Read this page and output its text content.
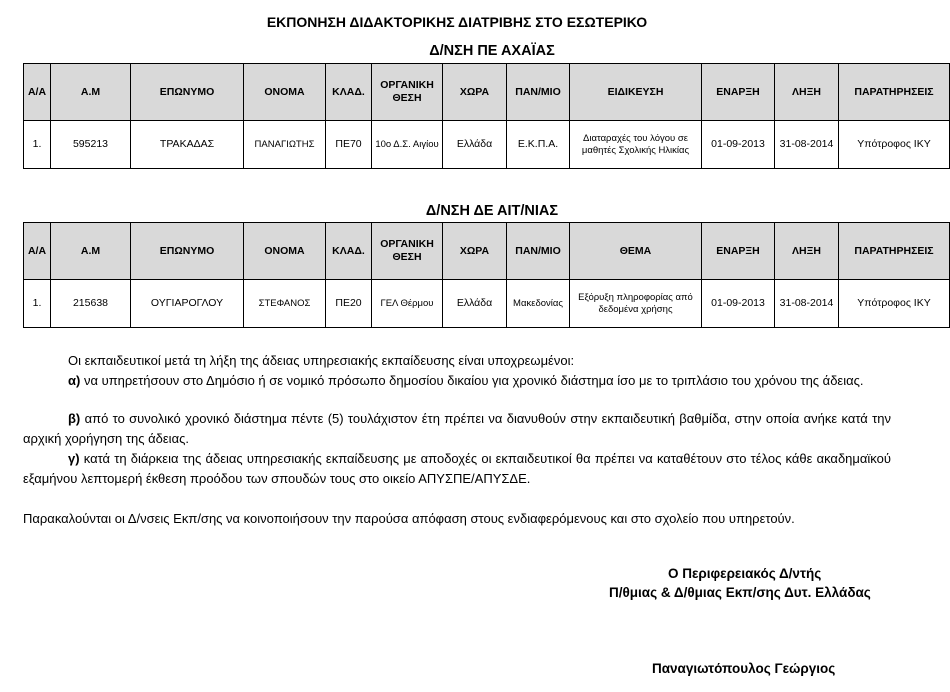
ΕΚΠΟΝΗΣΗ ΔΙΔΑΚΤΟΡΙΚΗΣ ΔΙΑΤΡΙΒΗΣ ΣΤΟ ΕΣΩΤΕΡΙΚΟ
Δ/ΝΣΗ ΠΕ ΑΧΑΪΑΣ
Α/Α	Α.Μ	ΕΠΩΝΥΜΟ	ΟΝΟΜΑ	ΚΛΑΔ.	ΟΡΓΑΝΙΚΗ ΘΕΣΗ	ΧΩΡΑ	ΠΑΝ/ΜΙΟ	ΕΙΔΙΚΕΥΣΗ	ΕΝΑΡΞΗ	ΛΗΞΗ	ΠΑΡΑΤΗΡΗΣΕΙΣ
1.	595213	ΤΡΑΚΑΔΑΣ	ΠΑΝΑΓΙΩΤΗΣ	ΠΕ70	10ο Δ.Σ. Αιγίου	Ελλάδα	Ε.Κ.Π.Α.	Διαταραχές του λόγου σε μαθητές Σχολικής Ηλικίας	01-09-2013	31-08-2014	Υπότροφος ΙΚΥ
Δ/ΝΣΗ ΔΕ ΑΙΤ/ΝΙΑΣ
Α/Α	Α.Μ	ΕΠΩΝΥΜΟ	ΟΝΟΜΑ	ΚΛΑΔ.	ΟΡΓΑΝΙΚΗ ΘΕΣΗ	ΧΩΡΑ	ΠΑΝ/ΜΙΟ	ΘΕΜΑ	ΕΝΑΡΞΗ	ΛΗΞΗ	ΠΑΡΑΤΗΡΗΣΕΙΣ
1.	215638	ΟΥΓΙΑΡΟΓΛΟΥ	ΣΤΕΦΑΝΟΣ	ΠΕ20	ΓΕΛ Θέρμου	Ελλάδα	Μακεδονίας	Εξόρυξη πληροφορίας από δεδομένα χρήσης	01-09-2013	31-08-2014	Υπότροφος ΙΚΥ
Οι εκπαιδευτικοί μετά τη λήξη της άδειας υπηρεσιακής εκπαίδευσης είναι υποχρεωμένοι:
α) να υπηρετήσουν στο Δημόσιο ή σε νομικό πρόσωπο δημοσίου δικαίου για χρονικό διάστημα ίσο με το τριπλάσιο του χρόνου της άδειας.
β) από το συνολικό χρονικό διάστημα πέντε (5) τουλάχιστον έτη πρέπει να διανυθούν στην εκπαιδευτική βαθμίδα, στην οποία ανήκε κατά την αρχική χορήγηση της άδειας.
γ) κατά τη διάρκεια της άδειας υπηρεσιακής εκπαίδευσης με αποδοχές οι εκπαιδευτικοί θα πρέπει να καταθέτουν στο τέλος κάθε ακαδημαϊκού εξαμήνου λεπτομερή έκθεση προόδου των σπουδών τους στο οικείο ΑΠΥΣΠΕ/ΑΠΥΣΔΕ.
Παρακαλούνται οι Δ/νσεις Εκπ/σης να κοινοποιήσουν την παρούσα απόφαση στους ενδιαφερόμενους και στο σχολείο που υπηρετούν.
Ο Περιφερειακός Δ/ντής
Π/θμιας & Δ/θμιας Εκπ/σης Δυτ. Ελλάδας
Παναγιωτόπουλος Γεώργιος
